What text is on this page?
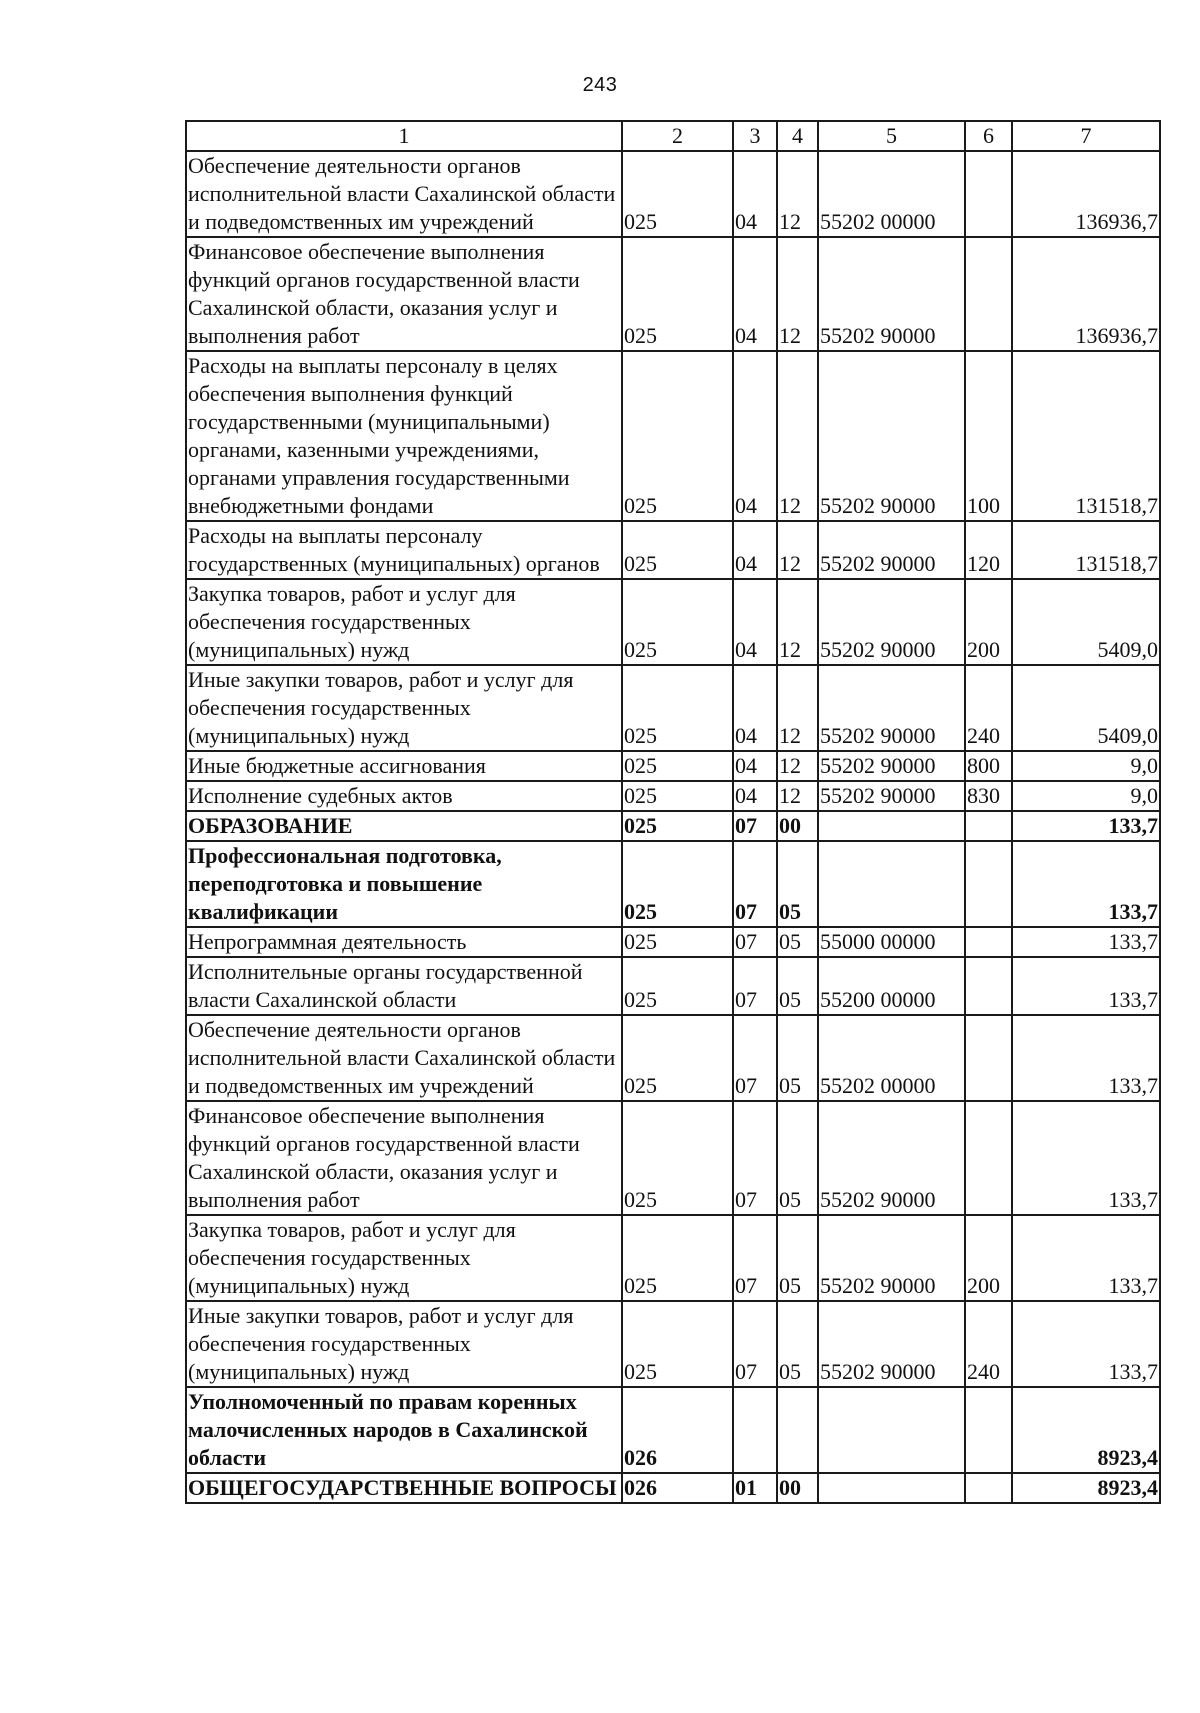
243
1	2	3	4	5	6	7
Обеспечение деятельности органов исполнительной власти Сахалинской области и подведомственных им учреждений	025	04	12	55202 00000		136936,7
Финансовое обеспечение выполнения функций органов государственной власти Сахалинской области, оказания услуг и выполнения работ	025	04	12	55202 90000		136936,7
Расходы на выплаты персоналу в целях обеспечения выполнения функций государственными (муниципальными) органами, казенными учреждениями, органами управления государственными внебюджетными фондами	025	04	12	55202 90000	100	131518,7
Расходы на выплаты персоналу государственных (муниципальных) органов	025	04	12	55202 90000	120	131518,7
Закупка товаров, работ и услуг для обеспечения государственных (муниципальных) нужд	025	04	12	55202 90000	200	5409,0
Иные закупки товаров, работ и услуг для обеспечения государственных (муниципальных) нужд	025	04	12	55202 90000	240	5409,0
Иные бюджетные ассигнования	025	04	12	55202 90000	800	9,0
Исполнение судебных актов	025	04	12	55202 90000	830	9,0
ОБРАЗОВАНИЕ	025	07	00			133,7
Профессиональная подготовка, переподготовка и повышение квалификации	025	07	05			133,7
Непрограммная деятельность	025	07	05	55000 00000		133,7
Исполнительные органы государственной власти Сахалинской области	025	07	05	55200 00000		133,7
Обеспечение деятельности органов исполнительной власти Сахалинской области и подведомственных им учреждений	025	07	05	55202 00000		133,7
Финансовое обеспечение выполнения функций органов государственной власти Сахалинской области, оказания услуг и выполнения работ	025	07	05	55202 90000		133,7
Закупка товаров, работ и услуг для обеспечения государственных (муниципальных) нужд	025	07	05	55202 90000	200	133,7
Иные закупки товаров, работ и услуг для обеспечения государственных (муниципальных) нужд	025	07	05	55202 90000	240	133,7
Уполномоченный по правам коренных малочисленных народов в Сахалинской области	026					8923,4
ОБЩЕГОСУДАРСТВЕННЫЕ ВОПРОСЫ	026	01	00			8923,4
